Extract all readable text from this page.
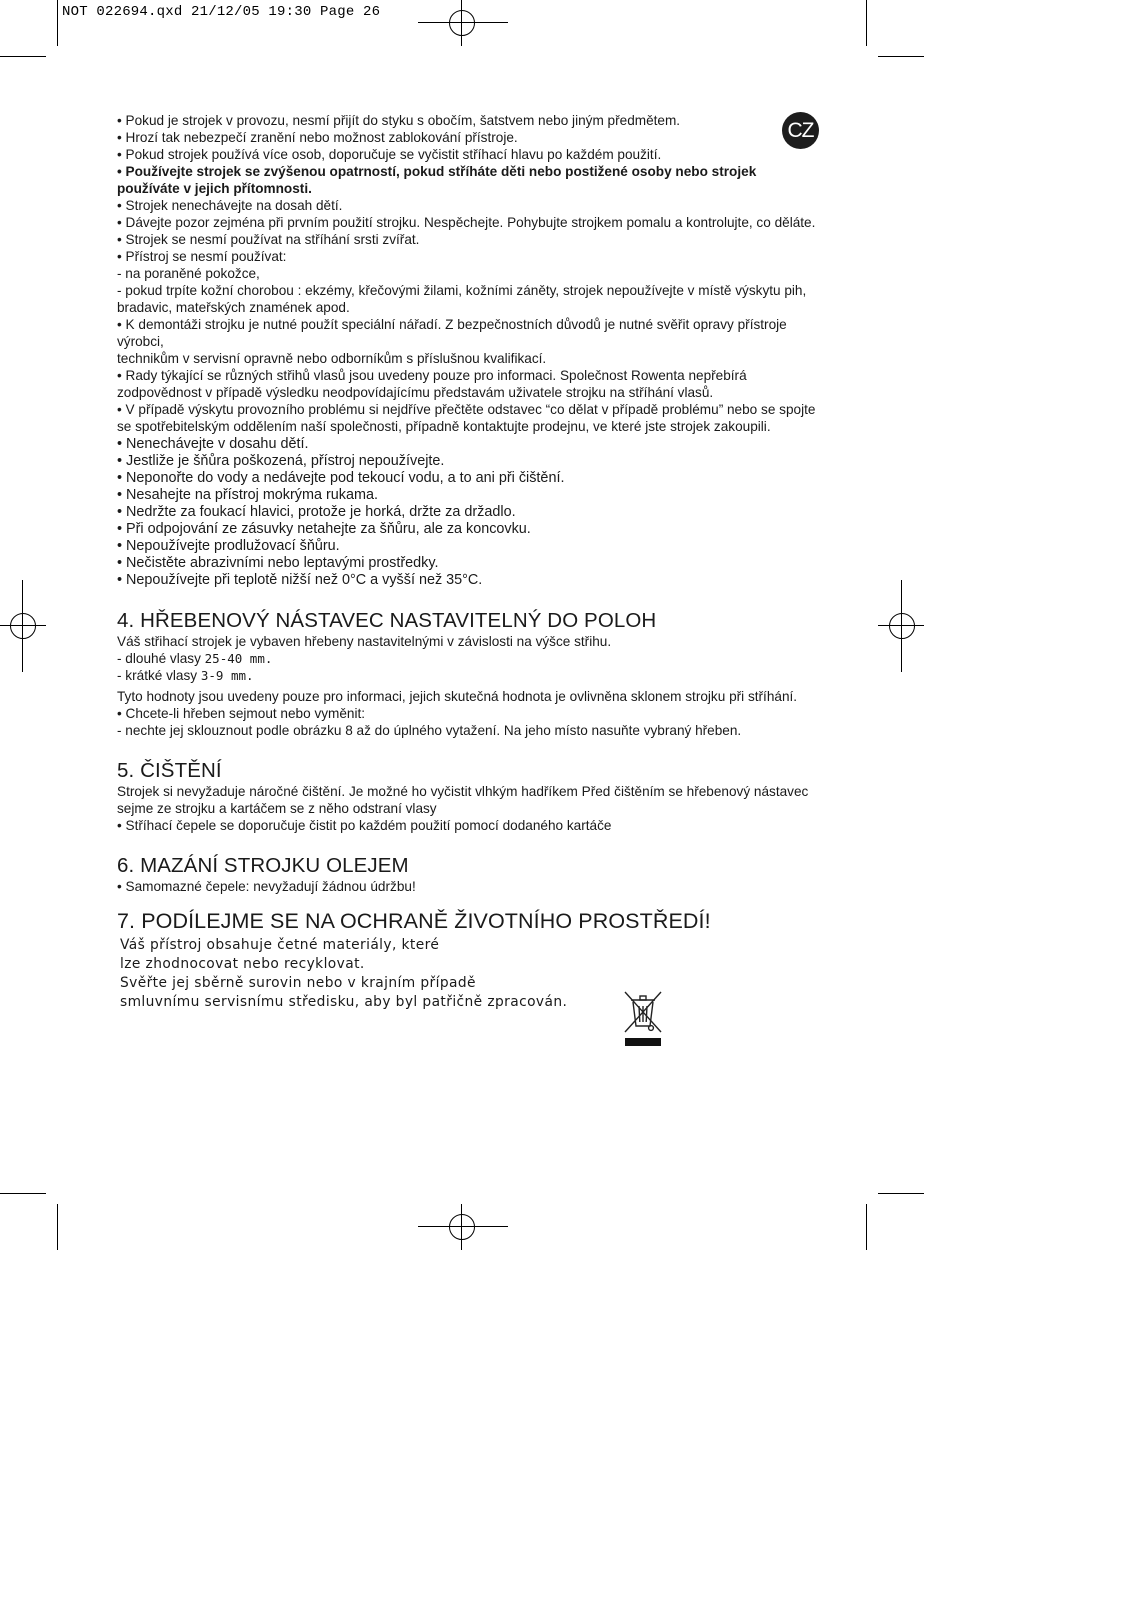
NOT 022694.qxd 21/12/05 19:30 Page 26
CZ
• Pokud je strojek v provozu, nesmí přijít do styku s obočím, šatstvem nebo jiným předmětem.
• Hrozí tak nebezpečí zranění nebo možnost zablokování přístroje.
• Pokud strojek používá více osob, doporučuje se vyčistit stříhací hlavu po každém použití.
• Používejte strojek se zvýšenou opatrností, pokud stříháte děti nebo postižené osoby nebo strojek používáte v jejich přítomnosti.
• Strojek nenechávejte na dosah dětí.
• Dávejte pozor zejména při prvním použití strojku. Nespěchejte. Pohybujte strojkem pomalu a kontrolujte, co děláte.
• Strojek se nesmí používat na stříhání srsti zvířat.
• Přístroj se nesmí používat:
- na poraněné pokožce,
- pokud trpíte kožní chorobou : ekzémy, křečovými žilami, kožními záněty, strojek nepoužívejte v místě výskytu pih, bradavic, mateřských znamének apod.
• K demontáži strojku je nutné použít speciální nářadí. Z bezpečnostních důvodů je nutné svěřit opravy přístroje výrobci,
technikům v servisní opravně nebo odborníkům s příslušnou kvalifikací.
• Rady týkající se různých střihů vlasů jsou uvedeny pouze pro informaci. Společnost Rowenta nepřebírá zodpovědnost v případě výsledku neodpovídajícímu představám uživatele strojku na stříhání vlasů.
• V případě výskytu provozního problému si nejdříve přečtěte odstavec “co dělat v případě problému” nebo se spojte se spotřebitelským oddělením naší společnosti, případně kontaktujte prodejnu, ve které jste strojek zakoupili.
• Nenechávejte v dosahu dětí.
• Jestliže je šňůra poškozená, přístroj nepoužívejte.
• Neponořte do vody a nedávejte pod tekoucí vodu, a to ani při čištění.
• Nesahejte na přístroj mokrýma rukama.
• Nedržte za foukací hlavici, protože je horká, držte za držadlo.
• Při odpojování ze zásuvky netahejte za šňůru, ale za koncovku.
• Nepoužívejte prodlužovací šňůru.
• Nečistěte abrazivními nebo leptavými prostředky.
• Nepoužívejte při teplotě nižší než 0°C a vyšší než 35°C.
4. HŘEBENOVÝ NÁSTAVEC NASTAVITELNÝ DO POLOH
Váš střihací strojek je vybaven hřebeny nastavitelnými v závislosti na výšce střihu.
- dlouhé vlasy 25-40 mm.
- krátké vlasy 3-9 mm.
Tyto hodnoty jsou uvedeny pouze pro informaci, jejich skutečná hodnota je ovlivněna sklonem strojku při stříhání.
• Chcete-li hřeben sejmout nebo vyměnit:
- nechte jej sklouznout podle obrázku 8 až do úplného vytažení. Na jeho místo nasuňte vybraný hřeben.
5. ČIŠTĚNÍ
Strojek si nevyžaduje náročné čištění. Je možné ho vyčistit vlhkým hadříkem Před čištěním se hřebenový nástavec sejme ze strojku a kartáčem se z něho odstraní vlasy
• Stříhací čepele se doporučuje čistit po každém použití pomocí dodaného kartáče
6. MAZÁNÍ STROJKU OLEJEM
• Samomazné čepele: nevyžadují žádnou údržbu!
7. PODÍLEJME SE NA OCHRANĚ ŽIVOTNÍHO PROSTŘEDÍ!
Váš přístroj obsahuje četné materiály, které
lze zhodnocovat nebo recyklovat.
Svěřte jej sběrně surovin nebo v krajním případě
smluvnímu servisnímu středisku, aby byl patřičně zpracován.
